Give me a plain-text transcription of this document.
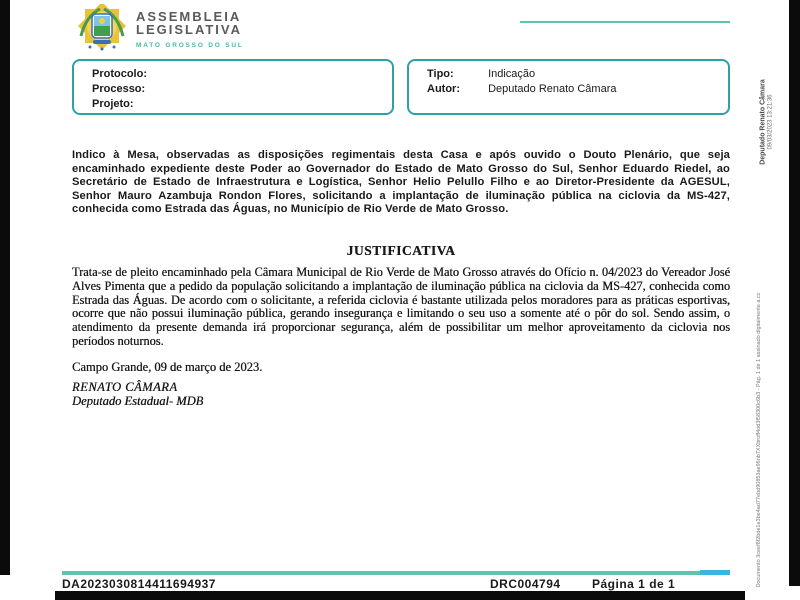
ASSEMBLEIA
LEGISLATIVA
MATO GROSSO DO SUL
Protocolo:
Processo:
Projeto:
Tipo:	Indicação
Autor:	Deputado Renato Câmara
Indico à Mesa, observadas as disposições regimentais desta Casa e após ouvido o Douto Plenário, que seja encaminhado expediente deste Poder ao Governador do Estado de Mato Grosso do Sul, Senhor Eduardo Riedel, ao Secretário de Estado de Infraestrutura e Logística, Senhor Helio Pelullo Filho e ao Diretor-Presidente da AGESUL, Senhor Mauro Azambuja Rondon Flores, solicitando a implantação de iluminação pública na ciclovia da MS-427, conhecida como Estrada das Águas, no Município de Rio Verde de Mato Grosso.
JUSTIFICATIVA
Trata-se de pleito encaminhado pela Câmara Municipal de Rio Verde de Mato Grosso através do Ofício n. 04/2023 do Vereador José Alves Pimenta que a pedido da população solicitando a implantação de iluminação pública na ciclovia da MS-427, conhecida como Estrada das Águas. De acordo com o solicitante, a referida ciclovia é bastante utilizada pelos moradores para as práticas esportivas, ocorre que não possui iluminação pública, gerando insegurança e limitando o seu uso a somente até o pôr do sol. Sendo assim, o atendimento da presente demanda irá proporcionar segurança, além de possibilitar um melhor aproveitamento da ciclovia nos períodos noturnos.
Campo Grande, 09 de março de 2023.
RENATO CÂMARA
Deputado Estadual- MDB
Deputado Renato Câmara 09/03/2023 13:21:36
Documento 3ceef8f2bde1e3be4ad77ebd90853ae96nb7XXbroff4od3f58300c6b3 - Pág. 1 de 1 assinado digitalmente a.cc
DA2023030814411694937	DRC004794	Página 1 de 1
